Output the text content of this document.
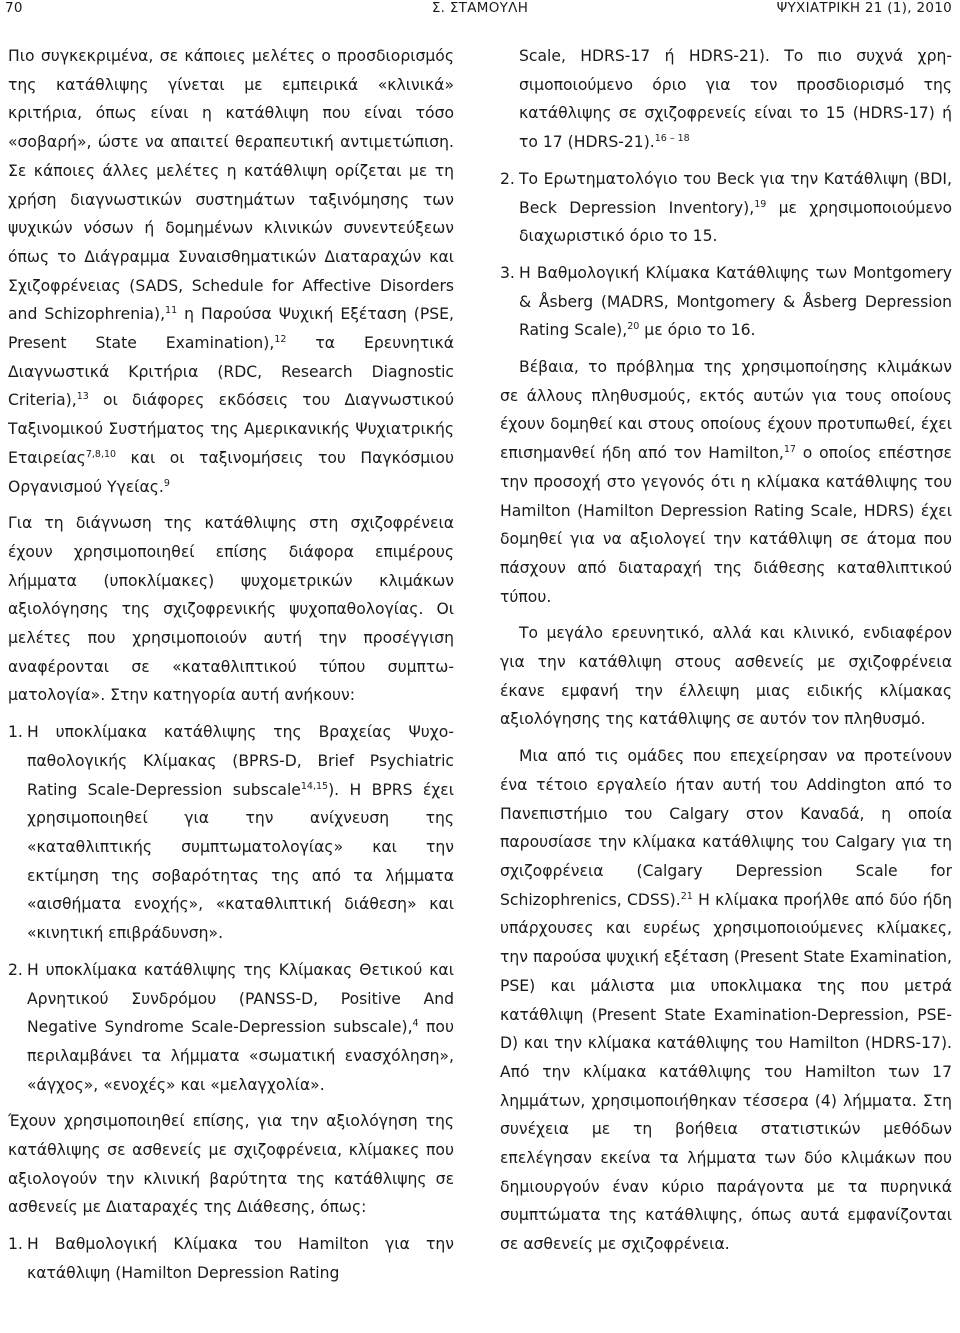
70	Σ. ΣΤΑΜΟΥΛΗ	ΨΥΧΙΑΤΡΙΚΗ 21 (1), 2010

Πιο συγκεκριμένα, σε κάποιες μελέτες ο προσδιορισμός της κατάθλιψης γίνεται με εμπειρικά «κλινικά» κριτήρια, όπως είναι η κατάθλιψη που είναι τόσο «σοβαρή», ώστε να απαιτεί θεραπευτική αντιμετώπιση. Σε κάποιες άλλες μελέτες η κατάθλιψη ορίζεται με τη χρήση διαγνωστικών συστημάτων ταξινόμησης των ψυχικών νόσων ή δομημένων κλινικών συνεντεύξεων όπως το Διάγραμμα Συναισθηματικών Διαταραχών και Σχιζοφρένειας (SADS, Schedule for Affective Disorders and Schizophrenia),$^{11}$ η Παρούσα Ψυχική Εξέταση (PSE, Present State Examination),$^{12}$ τα Ερευνητικά Διαγνωστικά Κριτήρια (RDC, Research Diagnostic Criteria),$^{13}$ οι διάφορες εκδόσεις του Διαγνωστικού Ταξινομικού Συστήματος της Αμερικανικής Ψυχιατρικής Εταιρείας$^{7,8,10}$ και οι ταξινομήσεις του Παγκόσμιου Οργανισμού Υγείας.$^9$

Για τη διάγνωση της κατάθλιψης στη σχιζοφρένεια έχουν χρησιμοποιηθεί επίσης διάφορα επιμέρους λήμματα (υποκλίμακες) ψυχομετρικών κλιμάκων αξιολόγησης της σχιζοφρενικής ψυχοπαθολογίας. Οι μελέτες που χρησιμοποιούν αυτή την προσέγγιση αναφέρονται σε «καταθλιπτικού τύπου συμπτωματολογία». Στην κατηγορία αυτή ανήκουν:

1. Η υποκλίμακα κατάθλιψης της Βραχείας Ψυχοπαθολογικής Κλίμακας (BPRS-D, Brief Psychiatric Rating Scale-Depression subscale$^{14,15}$). Η BPRS έχει χρησιμοποιηθεί για την ανίχνευση της «καταθλιπτικής συμπτωματολογίας» και την εκτίμηση της σοβαρότητας της από τα λήμματα «αισθήματα ενοχής», «καταθλιπτική διάθεση» και «κινητική επιβράδυνση».
2. Η υποκλίμακα κατάθλιψης της Κλίμακας Θετικού και Αρνητικού Συνδρόμου (PANSS-D, Positive And Negative Syndrome Scale-Depression subscale),$^4$ που περιλαμβάνει τα λήμματα «σωματική ενασχόληση», «άγχος», «ενοχές» και «μελαγχολία».

Έχουν χρησιμοποιηθεί επίσης, για την αξιολόγηση της κατάθλιψης σε ασθενείς με σχιζοφρένεια, κλίμακες που αξιολογούν την κλινική βαρύτητα της κατάθλιψης σε ασθενείς με Διαταραχές της Διάθεσης, όπως:

1. Η Βαθμολογική Κλίμακα του Hamilton για την κατάθλιψη (Hamilton Depression Rating
Scale, HDRS-17 ή HDRS-21). Το πιο συχνά χρησιμοποιούμενο όριο για τον προσδιορισμό της κατάθλιψης σε σχιζοφρενείς είναι το 15 (HDRS-17) ή το 17 (HDRS-21).$^{16 - 18}$
2. Το Ερωτηματολόγιο του Beck για την Κατάθλιψη (BDI, Beck Depression Inventory),$^{19}$ με χρησιμοποιούμενο διαχωριστικό όριο το 15.
3. Η Βαθμολογική Κλίμακα Κατάθλιψης των Montgomery & Åsberg (MADRS, Montgomery & Åsberg Depression Rating Scale),$^{20}$ με όριο το 16.

Βέβαια, το πρόβλημα της χρησιμοποίησης κλιμάκων σε άλλους πληθυσμούς, εκτός αυτών για τους οποίους έχουν δομηθεί και στους οποίους έχουν προτυπωθεί, έχει επισημανθεί ήδη από τον Hamilton,$^{17}$ ο οποίος επέστησε την προσοχή στο γεγονός ότι η κλίμακα κατάθλιψης του Hamilton (Hamilton Depression Rating Scale, HDRS) έχει δομηθεί για να αξιολογεί την κατάθλιψη σε άτομα που πάσχουν από διαταραχή της διάθεσης καταθλιπτικού τύπου.

Το μεγάλο ερευνητικό, αλλά και κλινικό, ενδιαφέρον για την κατάθλιψη στους ασθενείς με σχιζοφρένεια έκανε εμφανή την έλλειψη μιας ειδικής κλίμακας αξιολόγησης της κατάθλιψης σε αυτόν τον πληθυσμό.

Μια από τις ομάδες που επεχείρησαν να προτείνουν ένα τέτοιο εργαλείο ήταν αυτή του Addington από το Πανεπιστήμιο του Calgary στον Καναδά, η οποία παρουσίασε την κλίμακα κατάθλιψης του Calgary για τη σχιζοφρένεια (Calgary Depression Scale for Schizophrenics, CDSS).$^{21}$ Η κλίμακα προήλθε από δύο ήδη υπάρχουσες και ευρέως χρησιμοποιούμενες κλίμακες, την παρούσα ψυχική εξέταση (Present State Examination, PSE) και μάλιστα μια υποκλιμακα της που μετρά κατάθλιψη (Present State Examination-Depression, PSE-D) και την κλίμακα κατάθλιψης του Hamilton (HDRS-17). Από την κλίμακα κατάθλιψης του Hamilton των 17 λημμάτων, χρησιμοποιήθηκαν τέσσερα (4) λήμματα. Στη συνέχεια με τη βοήθεια στατιστικών μεθόδων επελέγησαν εκείνα τα λήμματα των δύο κλιμάκων που δημιουργούν έναν κύριο παράγοντα με τα πυρηνικά συμπτώματα της κατάθλιψης, όπως αυτά εμφανίζονται σε ασθενείς με σχιζοφρένεια.
